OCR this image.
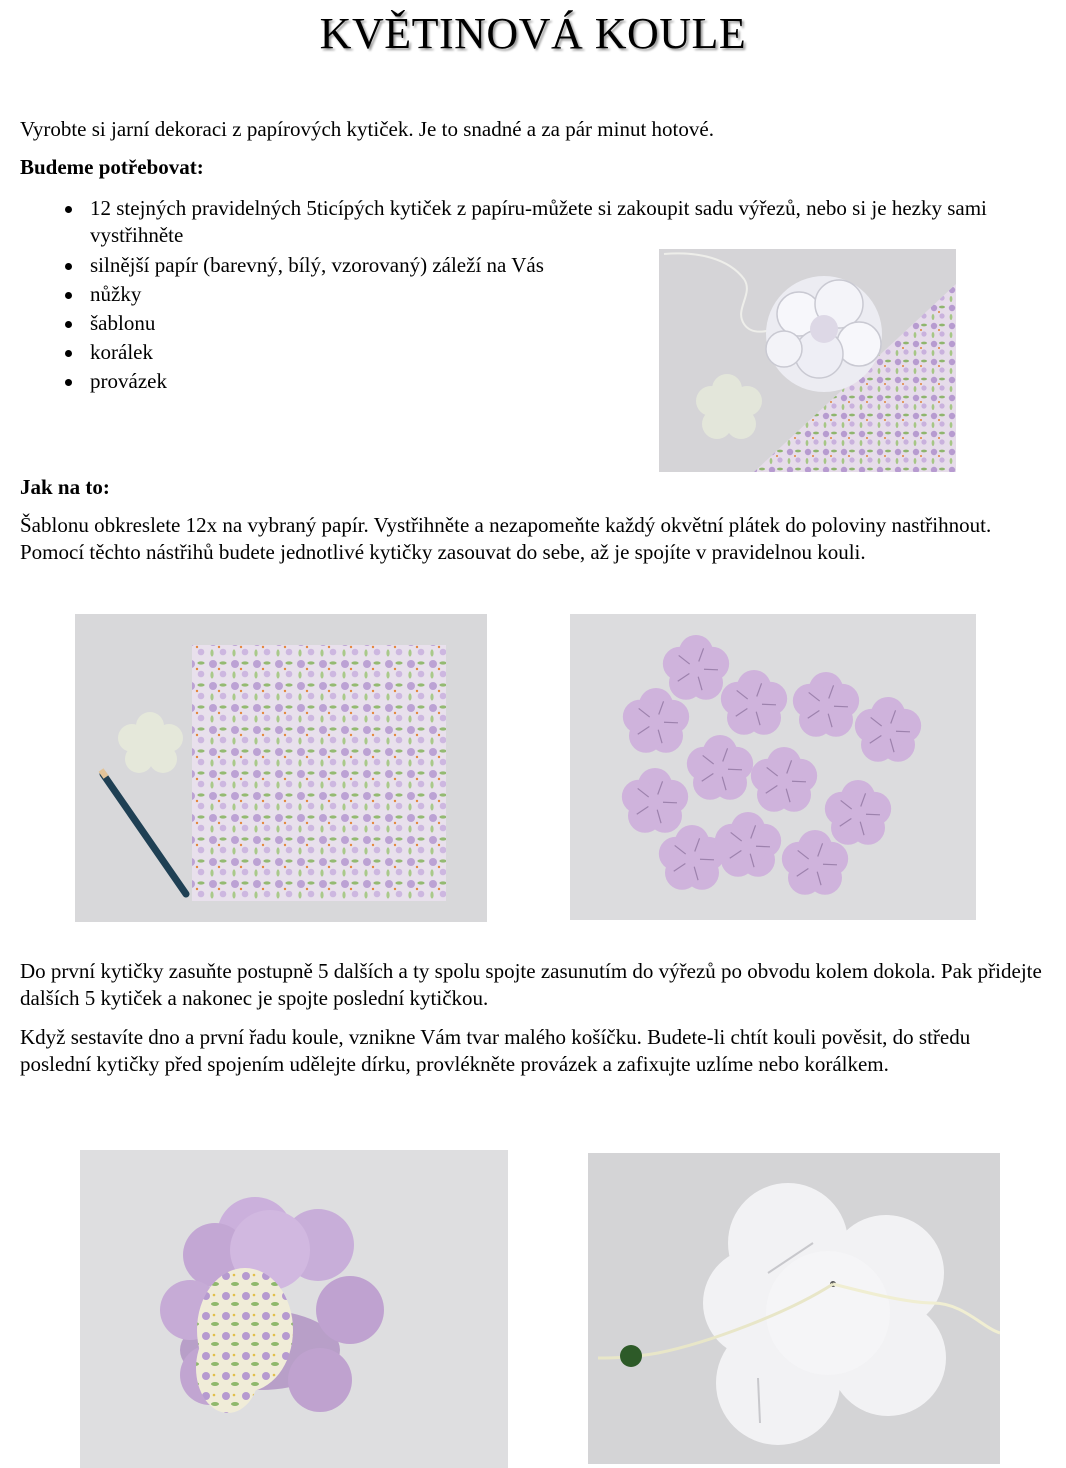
KVĚTINOVÁ KOULE
Vyrobte si jarní dekoraci z papírových kytiček. Je to snadné a za pár minut hotové.
Budeme potřebovat:
12 stejných pravidelných 5ticípých kytiček z papíru-můžete si zakoupit sadu výřezů, nebo si je hezky sami vystřihněte
silnější papír (barevný, bílý, vzorovaný) záleží na Vás
nůžky
šablonu
korálek
provázek
Jak na to:
Šablonu obkreslete 12x na vybraný papír. Vystřihněte a nezapomeňte každý okvětní plátek do poloviny nastřihnout. Pomocí těchto nástřihů budete jednotlivé kytičky zasouvat do sebe, až je spojíte v pravidelnou kouli.
Do první kytičky zasuňte postupně 5 dalších a ty spolu spojte zasunutím do výřezů po obvodu kolem dokola. Pak přidejte dalších 5 kytiček a nakonec je spojte poslední kytičkou.
Když sestavíte dno a první řadu koule, vznikne Vám tvar malého košíčku. Budete-li chtít kouli pověsit, do středu poslední kytičky před spojením udělejte dírku, provlékněte provázek a zafixujte uzlíme nebo korálkem.
